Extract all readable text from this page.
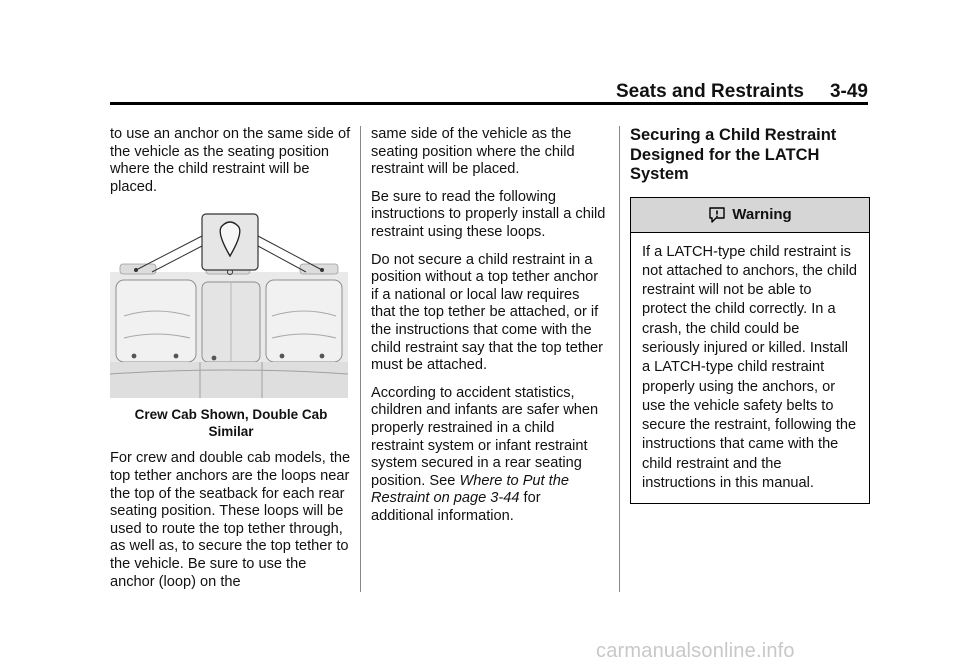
Seats and Restraints 3-49

to use an anchor on the same side of the vehicle as the seating position where the child restraint will be placed.

Crew Cab Shown, Double Cab
Similar

For crew and double cab models, the top tether anchors are the loops near the top of the seatback for each rear seating position. These loops will be used to route the top tether through, as well as, to secure the top tether to the vehicle. Be sure to use the anchor (loop) on the

same side of the vehicle as the seating position where the child restraint will be placed.

Be sure to read the following instructions to properly install a child restraint using these loops.

Do not secure a child restraint in a position without a top tether anchor if a national or local law requires that the top tether be attached, or if the instructions that come with the child restraint say that the top tether must be attached.

According to accident statistics, children and infants are safer when properly restrained in a child restraint system or infant restraint system secured in a rear seating position. See Where to Put the Restraint on page 3-44 for additional information.

Securing a Child Restraint Designed for the LATCH System
Warning
If a LATCH-type child restraint is not attached to anchors, the child restraint will not be able to protect the child correctly. In a crash, the child could be seriously injured or killed. Install a LATCH-type child restraint properly using the anchors, or use the vehicle safety belts to secure the restraint, following the instructions that came with the child restraint and the instructions in this manual.
carmanualsonline.info
